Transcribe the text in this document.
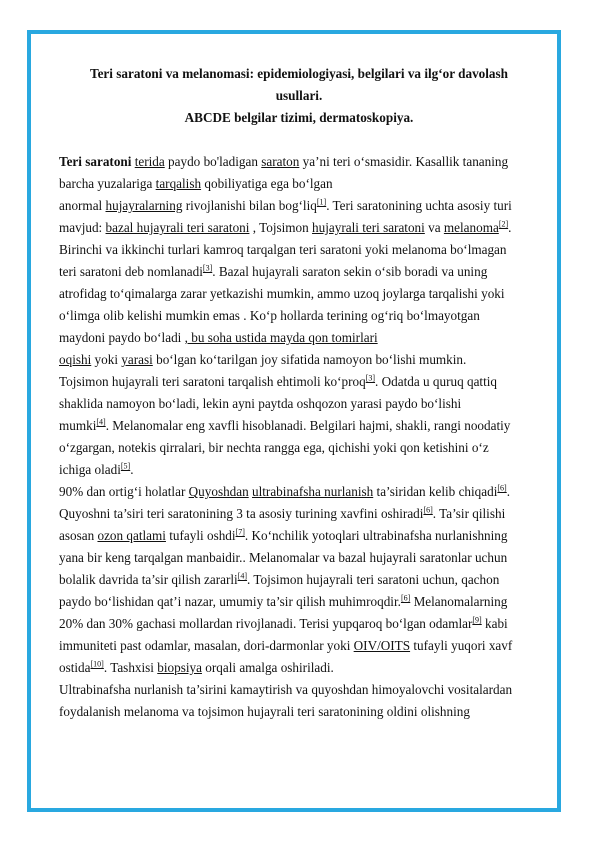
Teri saratoni va melanomasi: epidemiologiyasi, belgilari va ilg‘or davolash

usullari.

ABCDE belgilar tizimi, dermatoskopiya.

Teri saratoni terida paydo bo'ladigan saraton ya’ni teri o‘smasidir. Kasallik tananing

barcha yuzalariga tarqalish qobiliyatiga ega bo‘lgan

anormal hujayralarning rivojlanishi bilan bog‘liq[1]. Teri saratonining uchta asosiy turi

mavjud: bazal hujayrali teri saratoni , Tojsimon hujayrali teri saratoni va melanoma[2].

Birinchi va ikkinchi turlari kamroq tarqalgan teri saratoni yoki melanoma bo‘lmagan

teri saratoni deb nomlanadi[3]. Bazal hujayrali saraton sekin o‘sib boradi va uning

atrofidag to‘qimalarga zarar yetkazishi mumkin, ammo uzoq joylarga tarqalishi yoki

o‘limga olib kelishi mumkin emas . Ko‘p hollarda terining og‘riq bo‘lmayotgan

maydoni paydo bo‘ladi , bu soha ustida mayda qon tomirlari

oqishi yoki yarasi bo‘lgan ko‘tarilgan joy sifatida namoyon bo‘lishi mumkin.

Tojsimon hujayrali teri saratoni tarqalish ehtimoli ko‘proq[3]. Odatda u quruq qattiq

shaklida namoyon bo‘ladi, lekin ayni paytda oshqozon yarasi paydo bo‘lishi

mumki[4]. Melanomalar eng xavfli hisoblanadi. Belgilari hajmi, shakli, rangi noodatiy

o‘zgargan, notekis qirralari, bir nechta rangga ega, qichishi yoki qon ketishini o‘z

ichiga oladi[5].

90% dan ortig‘i holatlar Quyoshdan ultrabinafsha nurlanish ta’siridan kelib chiqadi[6].

Quyoshni ta’siri teri saratonining 3 ta asosiy turining xavfini oshiradi[6]. Ta’sir qilishi

asosan ozon qatlami tufayli oshdi[7]. Ko‘nchilik yotoqlari ultrabinafsha nurlanishning

yana bir keng tarqalgan manbaidir.. Melanomalar va bazal hujayrali saratonlar uchun

bolalik davrida ta’sir qilish zararli[4]. Tojsimon hujayrali teri saratoni uchun, qachon

paydo bo‘lishidan qat’i nazar, umumiy ta’sir qilish muhimroqdir.[6] Melanomalarning

20% dan 30% gachasi mollardan rivojlanadi. Terisi yupqaroq bo‘lgan odamlar[9] kabi

immuniteti past odamlar, masalan, dori-darmonlar yoki OIV/OITS tufayli yuqori xavf

ostida[10]. Tashxisi biopsiya orqali amalga oshiriladi.

Ultrabinafsha nurlanish ta’sirini kamaytirish va quyoshdan himoyalovchi vositalardan

foydalanish melanoma va tojsimon hujayrali teri saratonining oldini olishning
